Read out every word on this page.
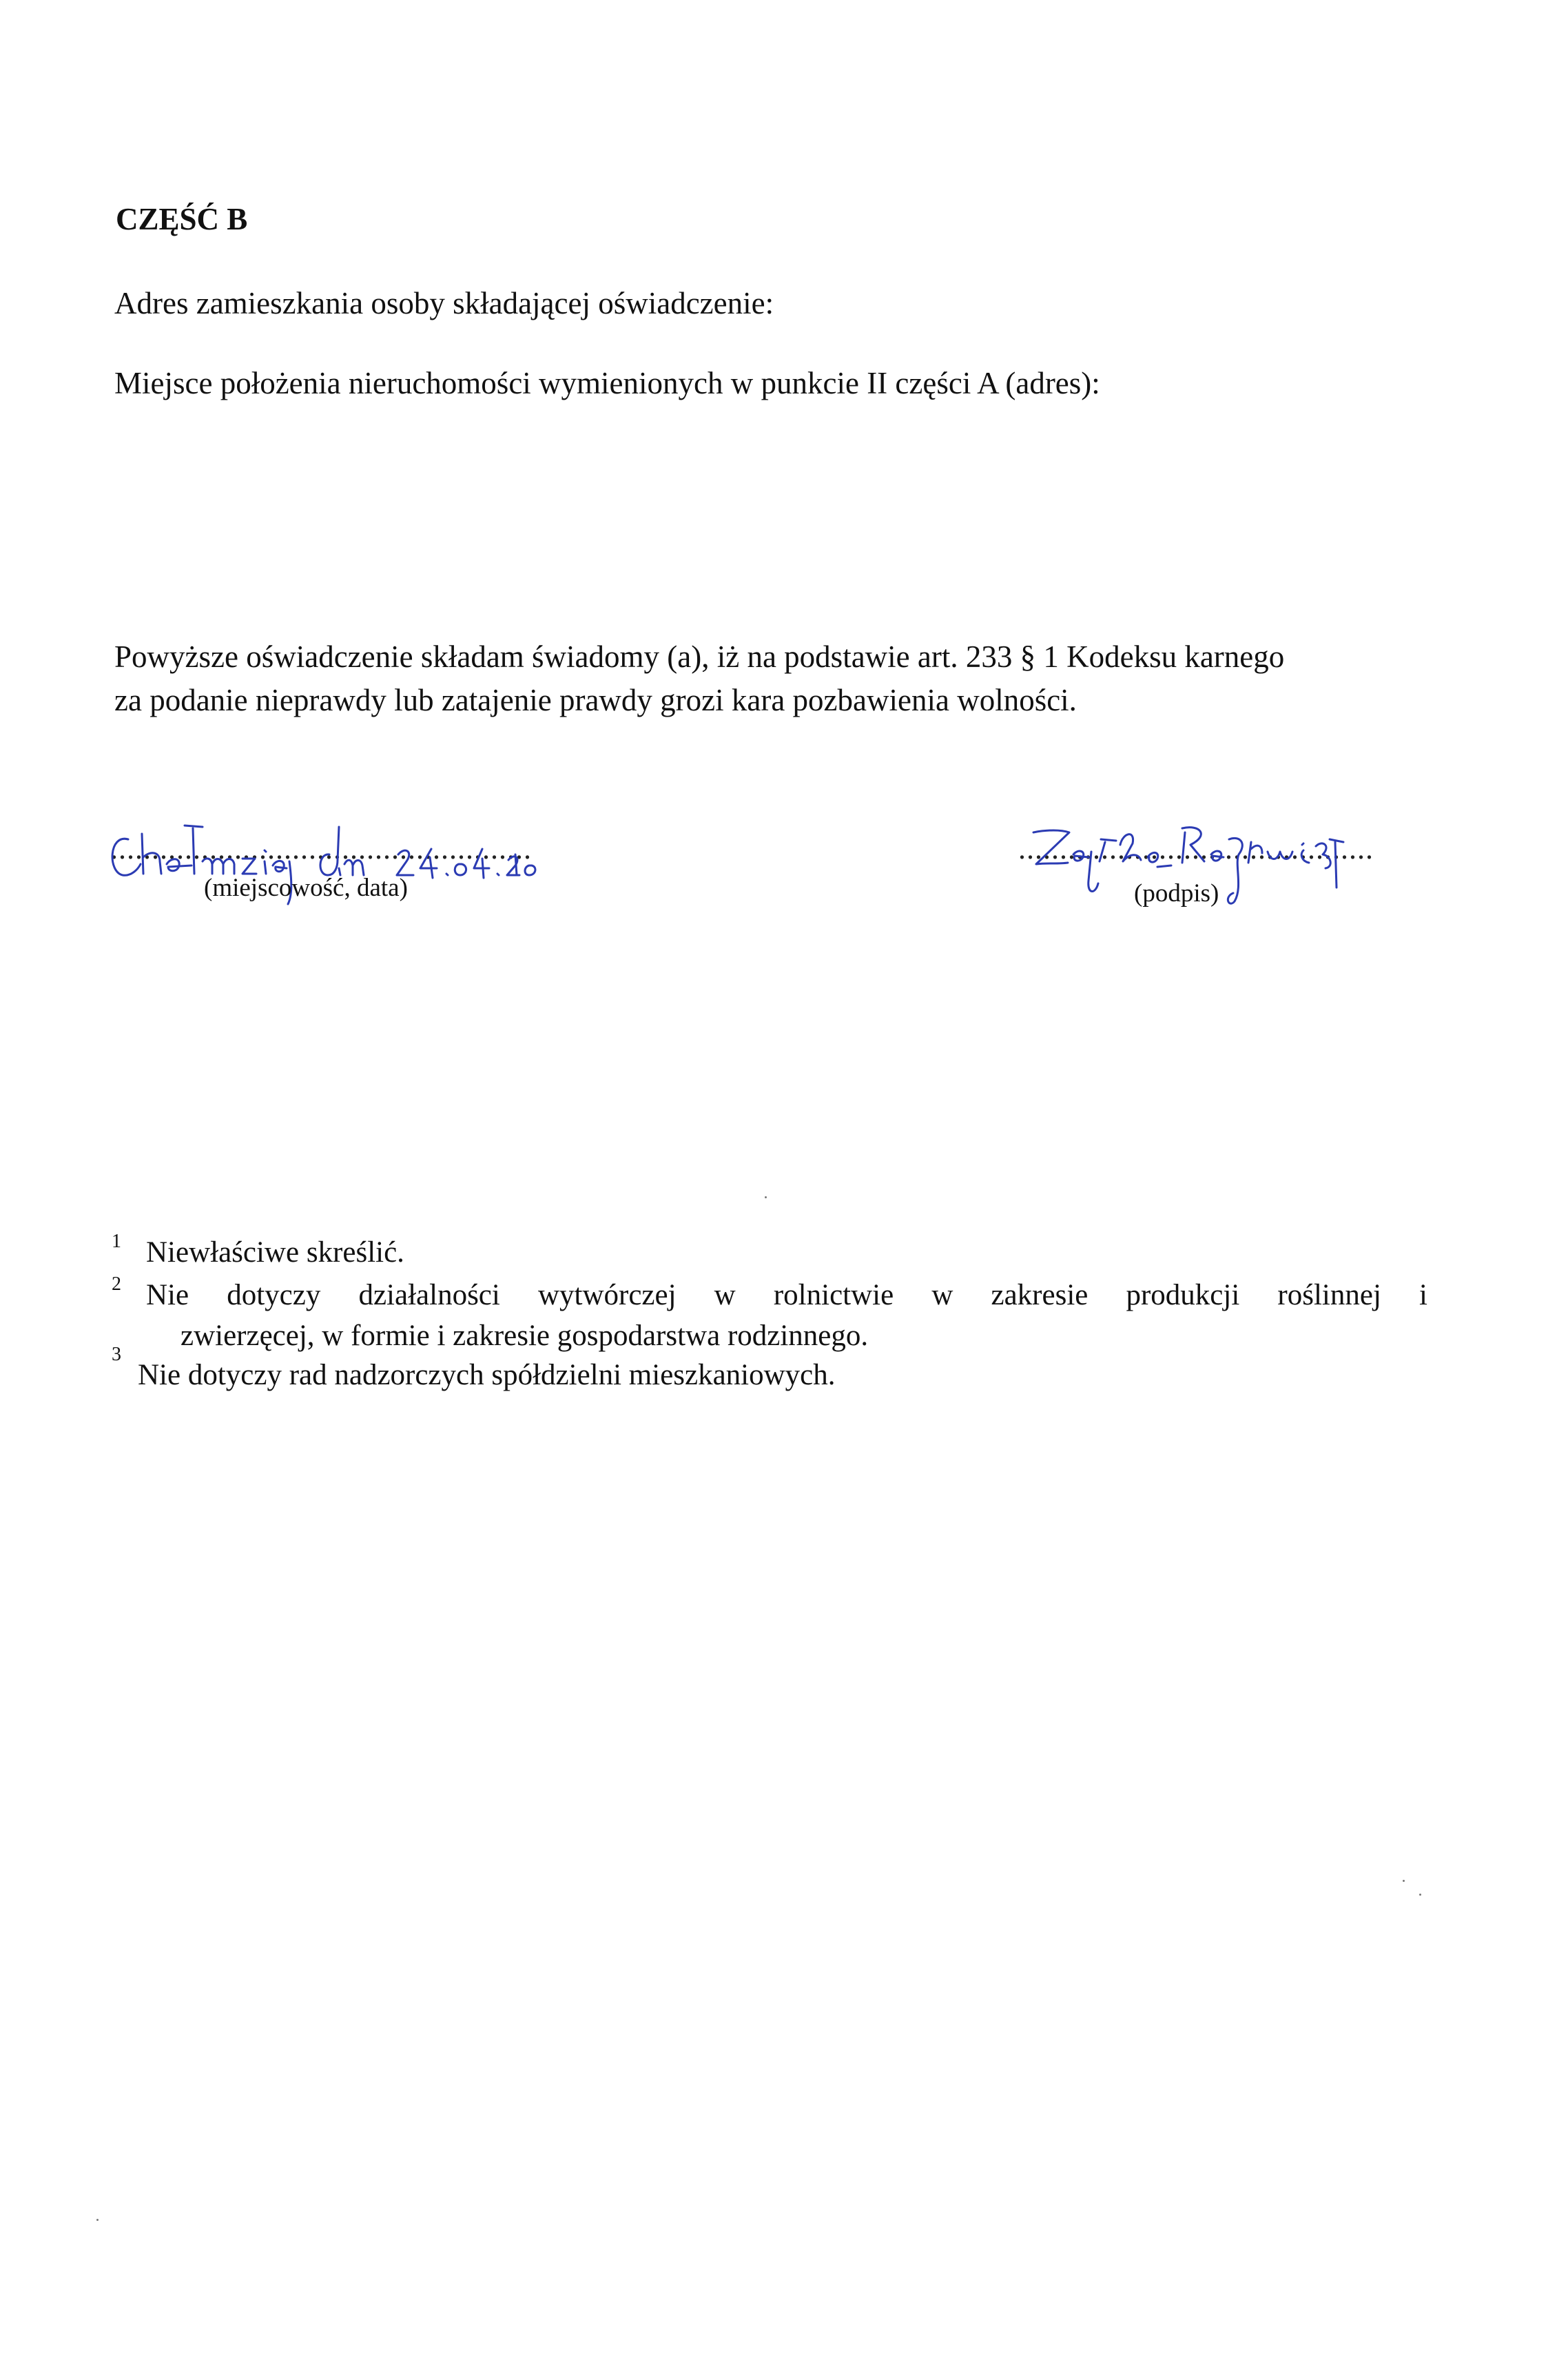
CZĘŚĆ B
Adres zamieszkania osoby składającej oświadczenie:
Miejsce położenia nieruchomości wymienionych w punkcie II części A (adres):
Powyższe oświadczenie składam świadomy (a), iż na podstawie art. 233 § 1 Kodeksu karnego
za podanie nieprawdy lub zatajenie prawdy grozi kara pozbawienia wolności.
...................................................	...........................................
(miejscowość, data)	(podpis)
1 Niewłaściwe skreślić.
2 Nie dotyczy działalności wytwórczej w rolnictwie w zakresie produkcji roślinnej i
zwierzęcej, w formie i zakresie gospodarstwa rodzinnego.
3
Nie dotyczy rad nadzorczych spółdzielni mieszkaniowych.
